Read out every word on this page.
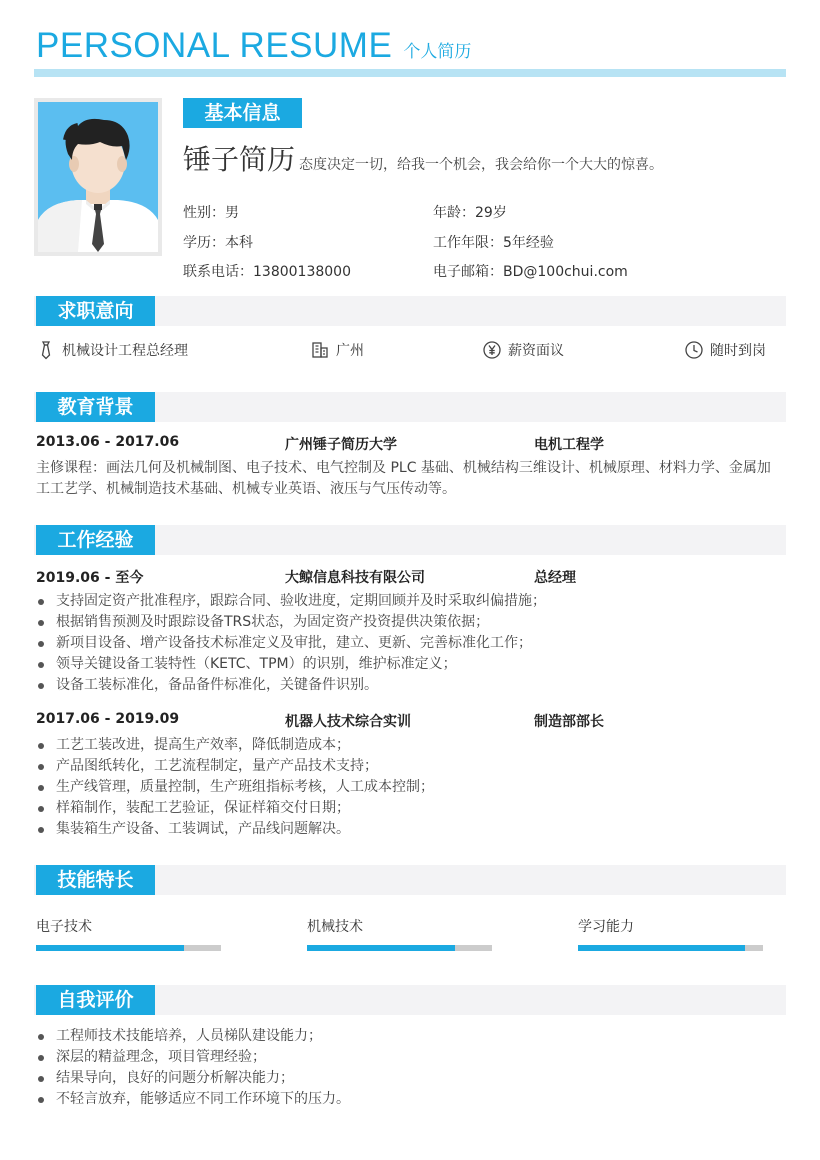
PERSONAL RESUME 个人简历
基本信息
锤子简历 态度决定一切，给我一个机会，我会给你一个大大的惊喜。
性别：男	年龄：29岁
学历：本科	工作年限：5年经验
联系电话：13800138000	电子邮箱：BD@100chui.com
求职意向
机械设计工程总经理	广州	薪资面议	随时到岗
教育背景
2013.06 - 2017.06	广州锤子简历大学	电机工程学
主修课程：画法几何及机械制图、电子技术、电气控制及 PLC 基础、机械结构三维设计、机械原理、材料力学、金属加工工艺学、机械制造技术基础、机械专业英语、液压与气压传动等。
工作经验
2019.06 - 至今	大鲸信息科技有限公司	总经理
支持固定资产批准程序，跟踪合同、验收进度，定期回顾并及时采取纠偏措施；
根据销售预测及时跟踪设备TRS状态，为固定资产投资提供决策依据；
新项目设备、增产设备技术标准定义及审批，建立、更新、完善标准化工作；
领导关键设备工装特性（KETC、TPM）的识别，维护标准定义；
设备工装标准化，备品备件标准化，关键备件识别。
2017.06 - 2019.09	机器人技术综合实训	制造部部长
工艺工装改进，提高生产效率，降低制造成本；
产品图纸转化，工艺流程制定，量产产品技术支持；
生产线管理，质量控制，生产班组指标考核，人工成本控制；
样箱制作，装配工艺验证，保证样箱交付日期；
集装箱生产设备、工装调试，产品线问题解决。
技能特长
电子技术	机械技术	学习能力
自我评价
工程师技术技能培养，人员梯队建设能力；
深层的精益理念，项目管理经验；
结果导向，良好的问题分析解决能力；
不轻言放弃，能够适应不同工作环境下的压力。
